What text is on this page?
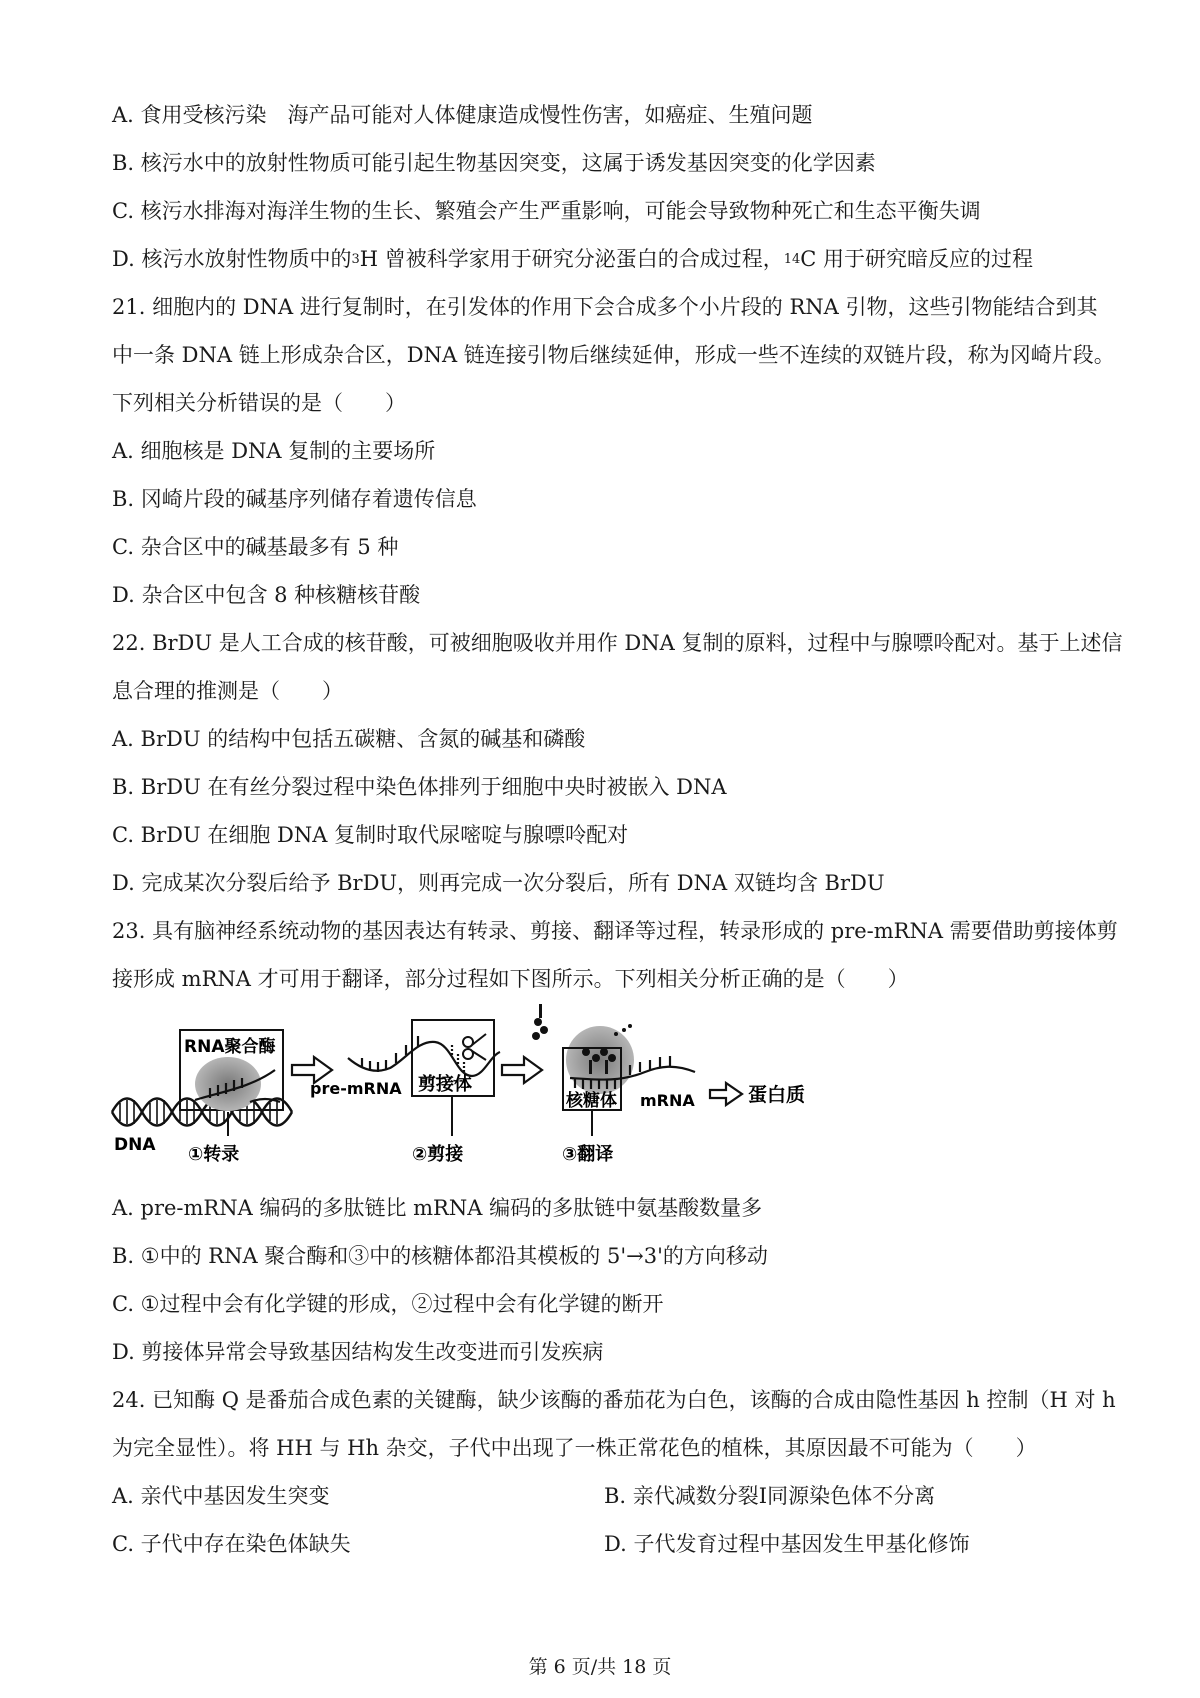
A. 食用受核污染　海产品可能对人体健康造成慢性伤害，如癌症、生殖问题
B. 核污水中的放射性物质可能引起生物基因突变，这属于诱发基因突变的化学因素
C. 核污水排海对海洋生物的生长、繁殖会产生严重影响，可能会导致物种死亡和生态平衡失调
D. 核污水放射性物质中的$^3$H 曾被科学家用于研究分泌蛋白的合成过程，$^{14}$C 用于研究暗反应的过程
21. 细胞内的 DNA 进行复制时，在引发体的作用下会合成多个小片段的 RNA 引物，这些引物能结合到其
中一条 DNA 链上形成杂合区，DNA 链连接引物后继续延伸，形成一些不连续的双链片段，称为冈崎片段。
下列相关分析错误的是（　　）
A. 细胞核是 DNA 复制的主要场所
B. 冈崎片段的碱基序列储存着遗传信息
C. 杂合区中的碱基最多有 5 种
D. 杂合区中包含 8 种核糖核苷酸
22. BrDU 是人工合成的核苷酸，可被细胞吸收并用作 DNA 复制的原料，过程中与腺嘌呤配对。基于上述信
息合理的推测是（　　）
A. BrDU 的结构中包括五碳糖、含氮的碱基和磷酸
B. BrDU 在有丝分裂过程中染色体排列于细胞中央时被嵌入 DNA
C. BrDU 在细胞 DNA 复制时取代尿嘧啶与腺嘌呤配对
D. 完成某次分裂后给予 BrDU，则再完成一次分裂后，所有 DNA 双链均含 BrDU
23. 具有脑神经系统动物的基因表达有转录、剪接、翻译等过程，转录形成的 pre-mRNA 需要借助剪接体剪
接形成 mRNA 才可用于翻译，部分过程如下图所示。下列相关分析正确的是（　　）
DNA
RNA聚合酶
①转录
pre-mRNA 剪接体
②剪接
核糖体 mRNA
③翻译
蛋白质
A. pre-mRNA 编码的多肽链比 mRNA 编码的多肽链中氨基酸数量多
B. ①中的 RNA 聚合酶和③中的核糖体都沿其模板的 5'→3'的方向移动
C. ①过程中会有化学键的形成，②过程中会有化学键的断开
D. 剪接体异常会导致基因结构发生改变进而引发疾病
24. 已知酶 Q 是番茄合成色素的关键酶，缺少该酶的番茄花为白色，该酶的合成由隐性基因 h 控制（H 对 h
为完全显性）。将 HH 与 Hh 杂交，子代中出现了一株正常花色的植株，其原因最不可能为（　　）
A. 亲代中基因发生突变	B. 亲代减数分裂Ⅰ同源染色体不分离
C. 子代中存在染色体缺失	D. 子代发育过程中基因发生甲基化修饰
第 6 页/共 18 页
